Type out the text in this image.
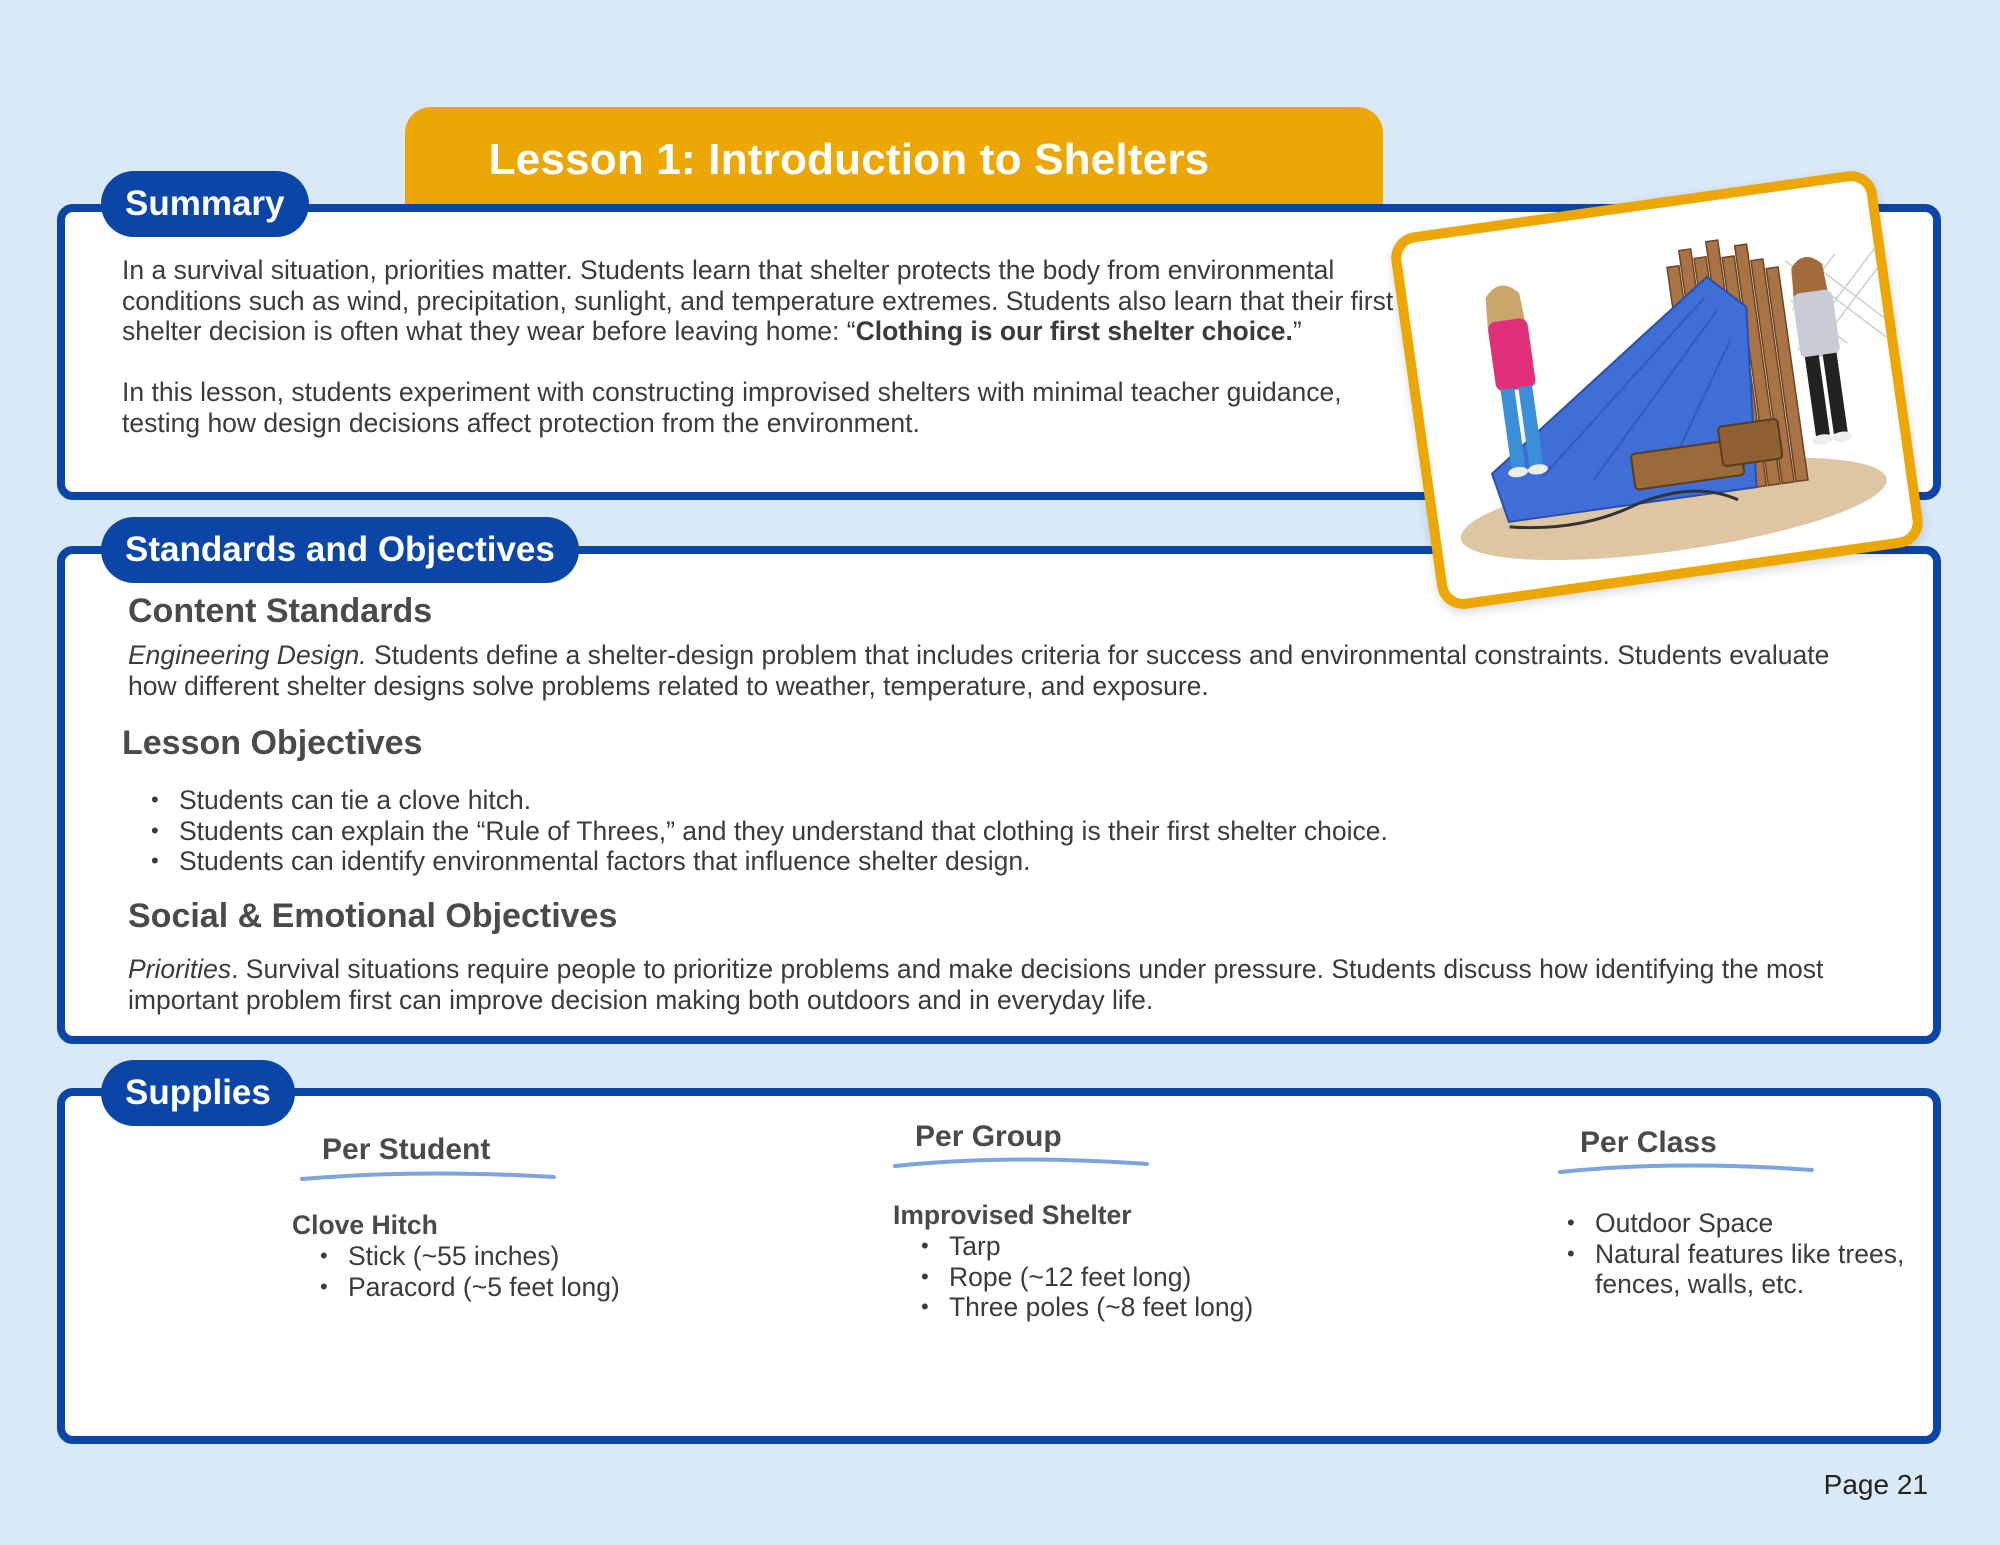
Lesson 1: Introduction to Shelters

In a survival situation, priorities matter. Students learn that shelter protects the body from environmental conditions such as wind, precipitation, sunlight, and temperature extremes. Students also learn that their first shelter decision is often what they wear before leaving home: “Clothing is our first shelter choice.”

In this lesson, students experiment with constructing improvised shelters with minimal teacher guidance, testing how design decisions affect protection from the environment.

Summary
Content Standards

Engineering Design. Students define a shelter-design problem that includes criteria for success and environmental constraints. Students evaluate how different shelter designs solve problems related to weather, temperature, and exposure.

Lesson Objectives
• Students can tie a clove hitch.
• Students can explain the “Rule of Threes,” and they understand that clothing is their first shelter choice.
• Students can identify environmental factors that influence shelter design.
Social & Emotional Objectives

Priorities. Survival situations require people to prioritize problems and make decisions under pressure. Students discuss how identifying the most important problem first can improve decision making both outdoors and in everyday life.

Standards and Objectives
Per Student
Clove Hitch
• Stick (~55 inches)
• Paracord (~5 feet long)
Per Group
Improvised Shelter
• Tarp
• Rope (~12 feet long)
• Three poles (~8 feet long)
Per Class
• Outdoor Space
• Natural features like trees, fences, walls, etc.
Supplies
Page 21
